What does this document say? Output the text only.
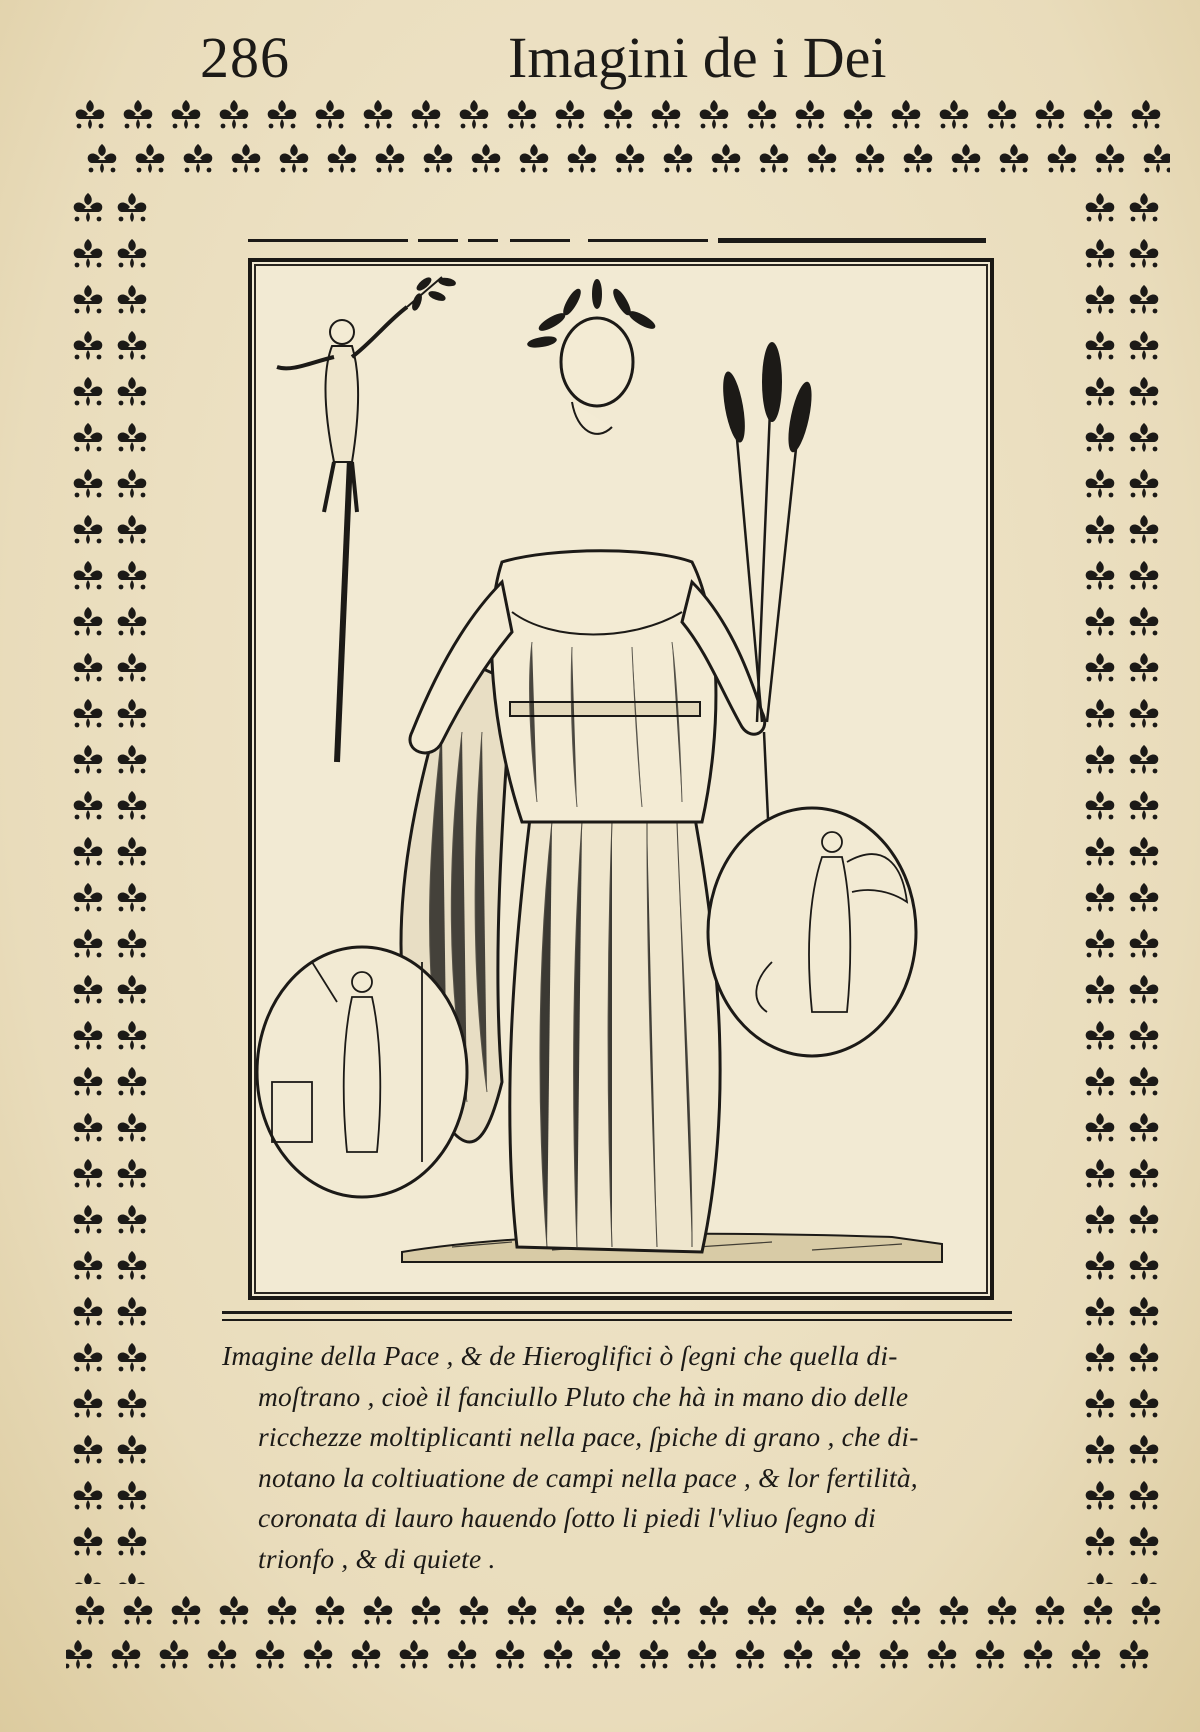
286	Imagini de i Dei
Imagine della Pace , & de Hieroglifici ò ſegni che quella di-
moſtrano , cioè il fanciullo Pluto che hà in mano dio delle
ricchezze moltiplicanti nella pace, ſpiche di grano , che di-
notano la coltiuatione de campi nella pace , & lor fertilità,
coronata di lauro hauendo ſotto li piedi l'vliuo ſegno di
trionfo , & di quiete .
